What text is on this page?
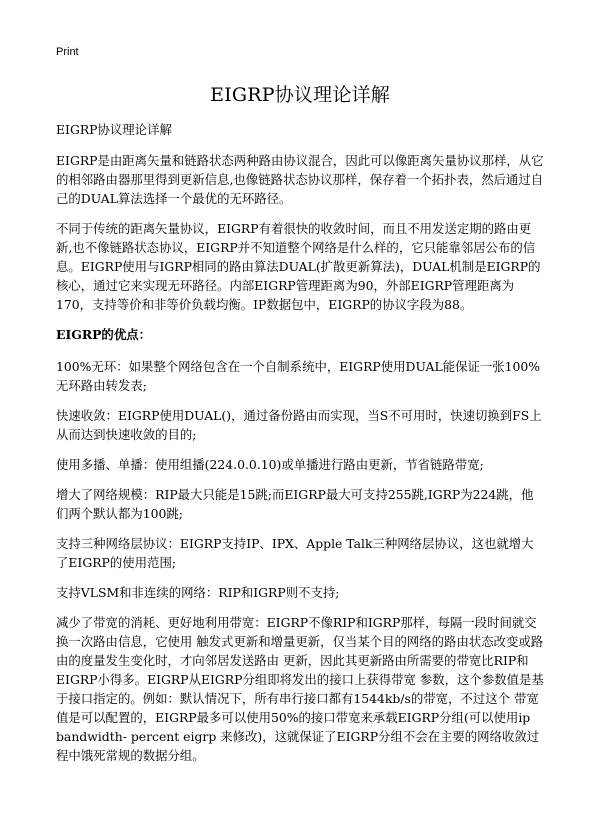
Print
EIGRP协议理论详解

EIGRP协议理论详解

EIGRP是由距离矢量和链路状态两种路由协议混合，因此可以像距离矢量协议那样，从它的相邻路由器那里得到更新信息,也像链路状态协议那样，保存着一个拓扑表，然后通过自己的DUAL算法选择一个最优的无环路径。

不同于传统的距离矢量协议，EIGRP有着很快的收敛时间，而且不用发送定期的路由更新,也不像链路状态协议，EIGRP并不知道整个网络是什么样的，它只能靠邻居公布的信息。EIGRP使用与IGRP相同的路由算法DUAL(扩散更新算法)，DUAL机制是EIGRP的核心，通过它来实现无环路径。内部EIGRP管理距离为90，外部EIGRP管理距离为170，支持等价和非等价负载均衡。IP数据包中，EIGRP的协议字段为88。

EIGRP的优点：

100%无环：如果整个网络包含在一个自制系统中，EIGRP使用DUAL能保证一张100%无环路由转发表;

快速收敛：EIGRP使用DUAL()，通过备份路由而实现，当S不可用时，快速切换到FS上从而达到快速收敛的目的;

使用多播、单播：使用组播(224.0.0.10)或单播进行路由更新，节省链路带宽;

增大了网络规模：RIP最大只能是15跳;而EIGRP最大可支持255跳,IGRP为224跳，他们两个默认都为100跳;

支持三种网络层协议：EIGRP支持IP、IPX、Apple Talk三种网络层协议，这也就增大了EIGRP的使用范围;

支持VLSM和非连续的网络：RIP和IGRP则不支持;

减少了带宽的消耗、更好地利用带宽：EIGRP不像RIP和IGRP那样，每隔一段时间就交换一次路由信息，它使用 触发式更新和增量更新，仅当某个目的网络的路由状态改变或路由的度量发生变化时，才向邻居发送路由 更新，因此其更新路由所需要的带宽比RIP和EIGRP小得多。EIGRP从EIGRP分组即将发出的接口上获得带宽 参数，这个参数值是基于接口指定的。例如：默认情况下，所有串行接口都有1544kb/s的带宽，不过这个 带宽值是可以配置的，EIGRP最多可以使用50%的接口带宽来承载EIGRP分组(可以使用ip bandwidth- percent eigrp 来修改)，这就保证了EIGRP分组不会在主要的网络收敛过程中饿死常规的数据分组。
